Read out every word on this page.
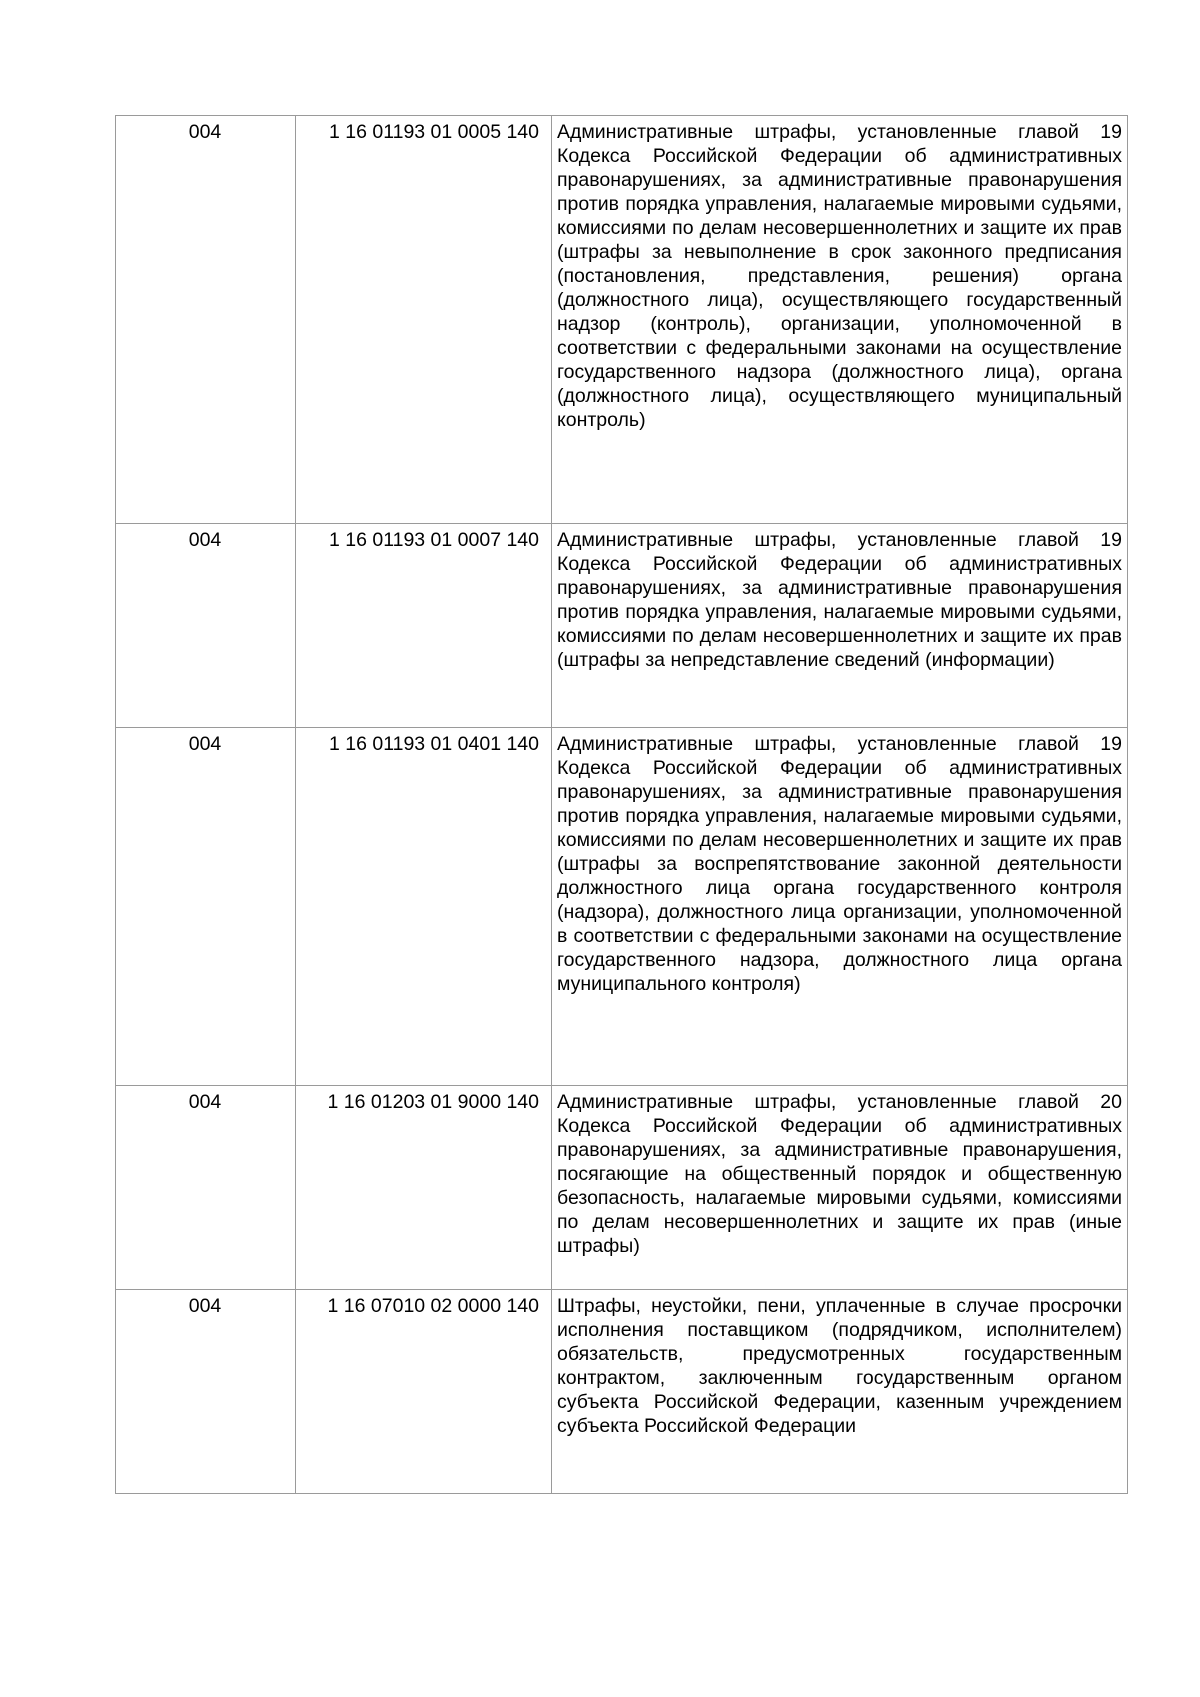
004	1 16 01193 01 0005 140	Административные штрафы, установленные главой 19 Кодекса Российской Федерации об административных правонарушениях, за административные правонарушения против порядка управления, налагаемые мировыми судьями, комиссиями по делам несовершеннолетних и защите их прав (штрафы за невыполнение в срок законного предписания (постановления, представления, решения) органа (должностного лица), осуществляющего государственный надзор (контроль), организации, уполномоченной в соответствии с федеральными законами на осуществление государственного надзора (должностного лица), органа (должностного лица), осуществляющего муниципальный контроль)
004	1 16 01193 01 0007 140	Административные штрафы, установленные главой 19 Кодекса Российской Федерации об административных правонарушениях, за административные правонарушения против порядка управления, налагаемые мировыми судьями, комиссиями по делам несовершеннолетних и защите их прав (штрафы за непредставление сведений (информации)
004	1 16 01193 01 0401 140	Административные штрафы, установленные главой 19 Кодекса Российской Федерации об административных правонарушениях, за административные правонарушения против порядка управления, налагаемые мировыми судьями, комиссиями по делам несовершеннолетних и защите их прав (штрафы за воспрепятствование законной деятельности должностного лица органа государственного контроля (надзора), должностного лица организации, уполномоченной в соответствии с федеральными законами на осуществление государственного надзора, должностного лица органа муниципального контроля)
004	1 16 01203 01 9000 140	Административные штрафы, установленные главой 20 Кодекса Российской Федерации об административных правонарушениях, за административные правонарушения, посягающие на общественный порядок и общественную безопасность, налагаемые мировыми судьями, комиссиями по делам несовершеннолетних и защите их прав (иные штрафы)
004	1 16 07010 02 0000 140	Штрафы, неустойки, пени, уплаченные в случае просрочки исполнения поставщиком (подрядчиком, исполнителем) обязательств, предусмотренных государственным контрактом, заключенным государственным органом субъекта Российской Федерации, казенным учреждением субъекта Российской Федерации
